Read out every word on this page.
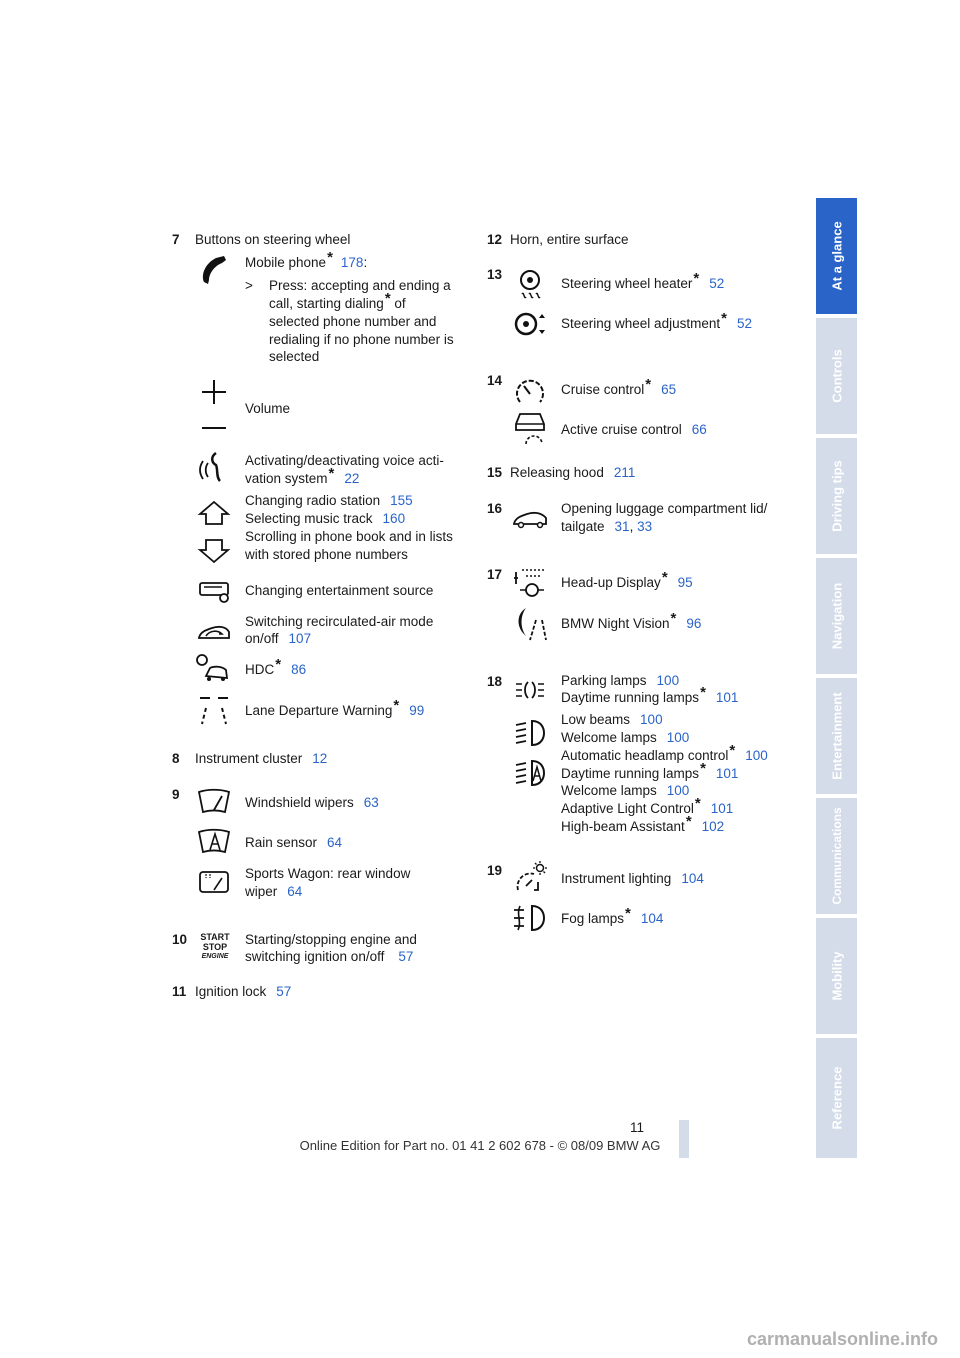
At a glance
Controls
Driving tips
Navigation
Entertainment
Communications
Mobility
Reference
7 Buttons on steering wheel
Mobile phone* 178:
> Press: accepting and ending a
call, starting dialing* of
selected phone number and
redialing if no phone number is
selected
Volume
Activating/deactivating voice acti-
vation system* 22
Changing radio station 155
Selecting music track 160
Scrolling in phone book and in lists
with stored phone numbers
Changing entertainment source
Switching recirculated-air mode
on/off 107
HDC* 86
Lane Departure Warning* 99
8 Instrument cluster 12
9
Windshield wipers 63
Rain sensor 64
Sports Wagon: rear window
wiper 64
10 START
STOP
ENGINE
Starting/stopping engine and
switching ignition on/off 57
11 Ignition lock 57
12 Horn, entire surface
13
Steering wheel heater* 52
Steering wheel adjustment* 52
14
Cruise control* 65
Active cruise control 66
15 Releasing hood 211
16	Opening luggage compartment lid/
tailgate 31, 33
17
Head-up Display* 95
BMW Night Vision* 96
18	Parking lamps 100
Daytime running lamps* 101
Low beams 100
Welcome lamps 100
Automatic headlamp control* 100
Daytime running lamps* 101
Welcome lamps 100
Adaptive Light Control* 101
High-beam Assistant* 102
19
Instrument lighting 104
Fog lamps* 104
11
Online Edition for Part no. 01 41 2 602 678 - © 08/09 BMW AG
carmanualsonline.info
